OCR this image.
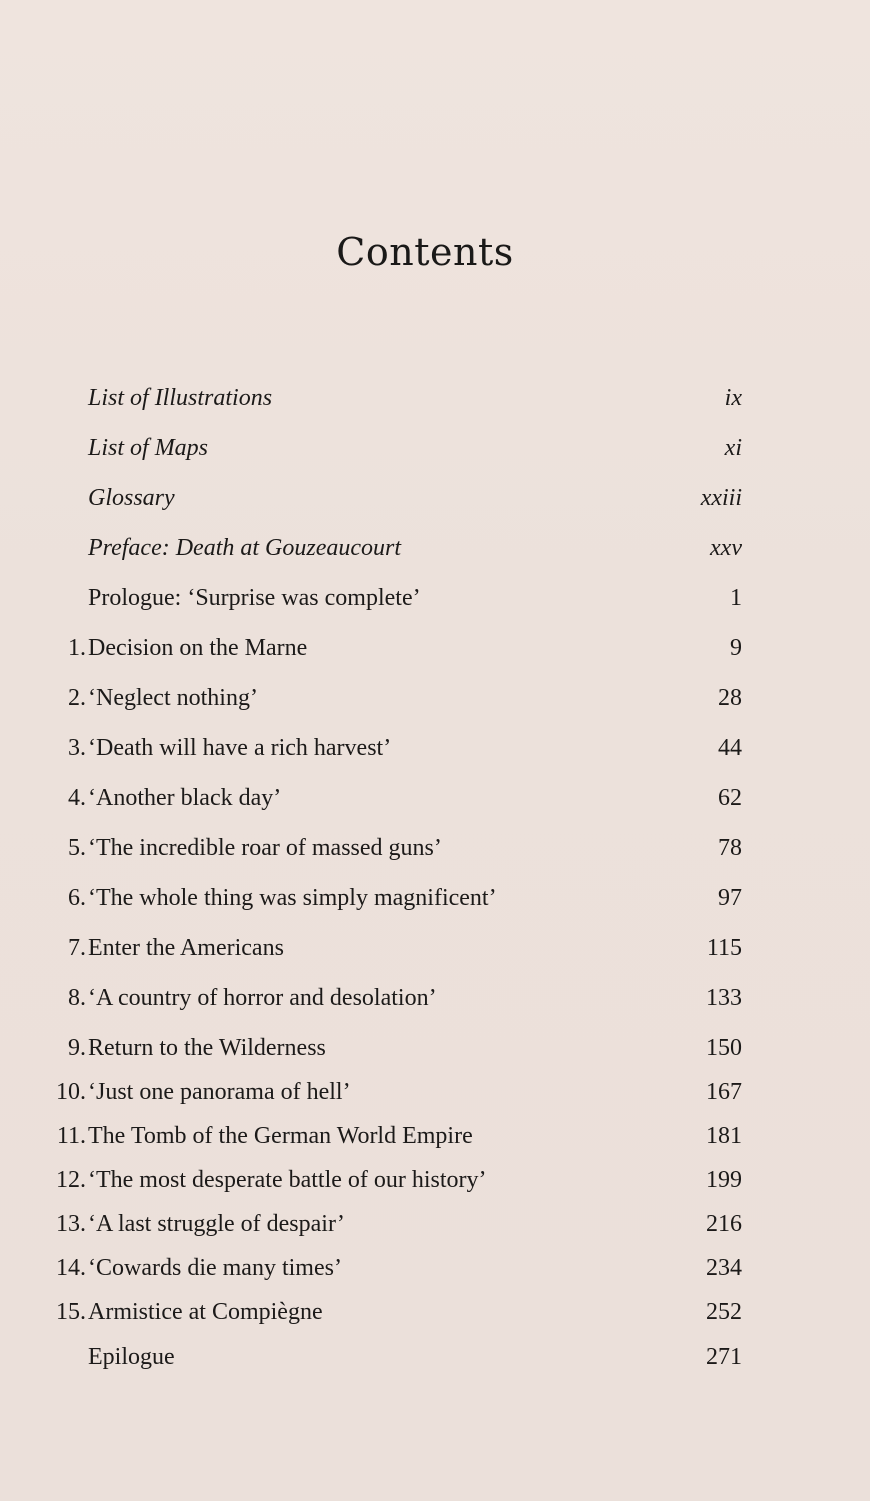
Contents
List of Illustrations	ix
List of Maps	xi
Glossary	xxiii
Preface: Death at Gouzeaucourt	xxv
Prologue: ‘Surprise was complete’	1
1. Decision on the Marne	9
2. ‘Neglect nothing’	28
3. ‘Death will have a rich harvest’	44
4. ‘Another black day’	62
5. ‘The incredible roar of massed guns’	78
6. ‘The whole thing was simply magnificent’	97
7. Enter the Americans	115
8. ‘A country of horror and desolation’	133
9. Return to the Wilderness	150
10. ‘Just one panorama of hell’	167
11. The Tomb of the German World Empire	181
12. ‘The most desperate battle of our history’	199
13. ‘A last struggle of despair’	216
14. ‘Cowards die many times’	234
15. Armistice at Compiègne	252
Epilogue	271
